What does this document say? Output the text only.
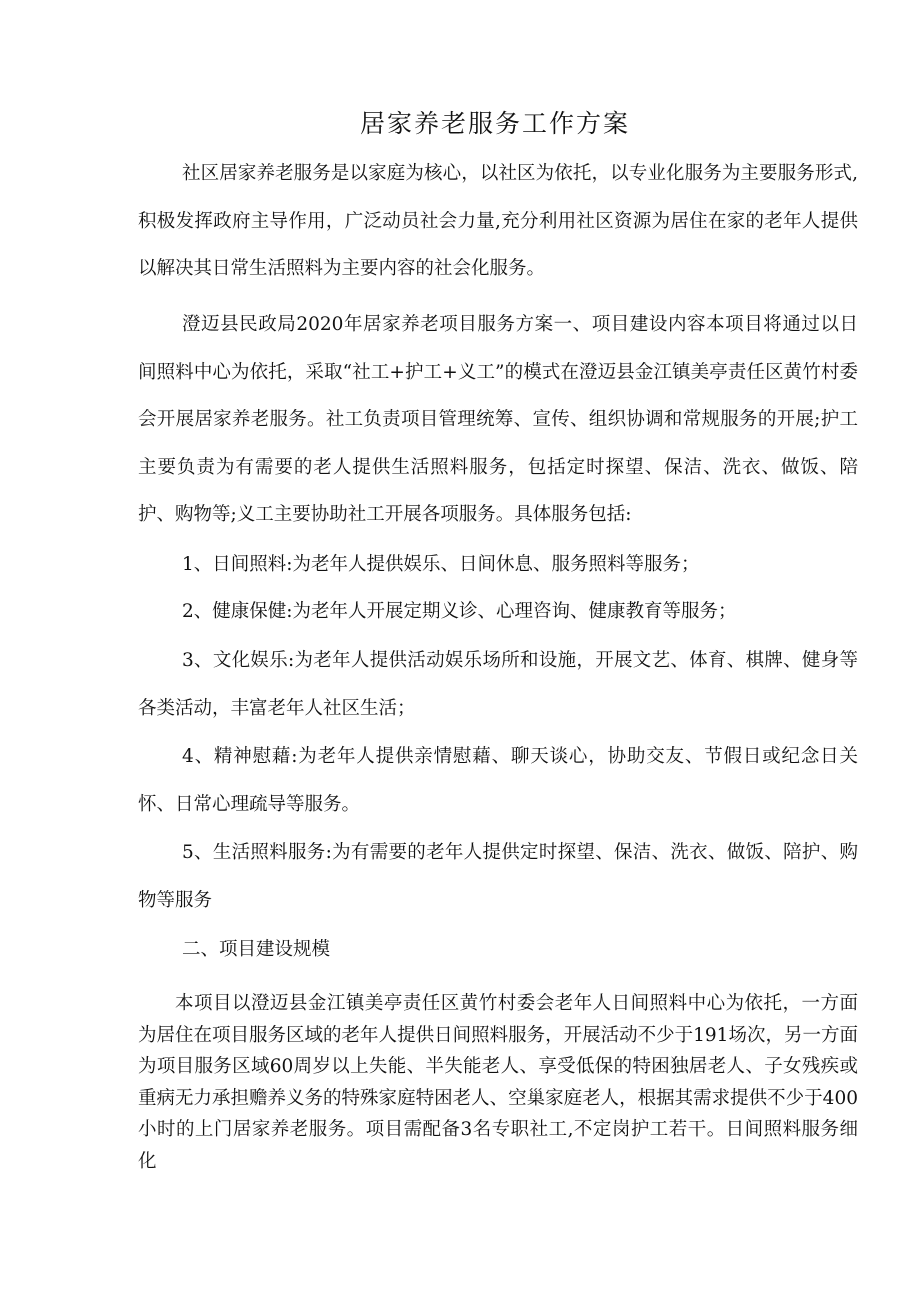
居家养老服务工作方案

社区居家养老服务是以家庭为核心，以社区为依托，以专业化服务为主要服务形式,积极发挥政府主导作用，广泛动员社会力量,充分利用社区资源为居住在家的老年人提供以解决其日常生活照料为主要内容的社会化服务。

澄迈县民政局2020年居家养老项目服务方案一、项目建设内容本项目将通过以日间照料中心为依托，采取“社工+护工+义工”的模式在澄迈县金江镇美亭责任区黄竹村委会开展居家养老服务。社工负责项目管理统筹、宣传、组织协调和常规服务的开展;护工主要负责为有需要的老人提供生活照料服务，包括定时探望、保洁、洗衣、做饭、陪护、购物等;义工主要协助社工开展各项服务。具体服务包括:

1、日间照料:为老年人提供娱乐、日间休息、服务照料等服务；

2、健康保健:为老年人开展定期义诊、心理咨询、健康教育等服务；

3、文化娱乐:为老年人提供活动娱乐场所和设施，开展文艺、体育、棋牌、健身等各类活动，丰富老年人社区生活；

4、精神慰藉:为老年人提供亲情慰藉、聊天谈心，协助交友、节假日或纪念日关怀、日常心理疏导等服务。

5、生活照料服务:为有需要的老年人提供定时探望、保洁、洗衣、做饭、陪护、购物等服务

二、项目建设规模

本项目以澄迈县金江镇美亭责任区黄竹村委会老年人日间照料中心为依托，一方面为居住在项目服务区域的老年人提供日间照料服务，开展活动不少于191场次，另一方面为项目服务区域60周岁以上失能、半失能老人、享受低保的特困独居老人、子女残疾或重病无力承担赡养义务的特殊家庭特困老人、空巢家庭老人，根据其需求提供不少于400小时的上门居家养老服务。项目需配备3名专职社工,不定岗护工若干。日间照料服务细化
